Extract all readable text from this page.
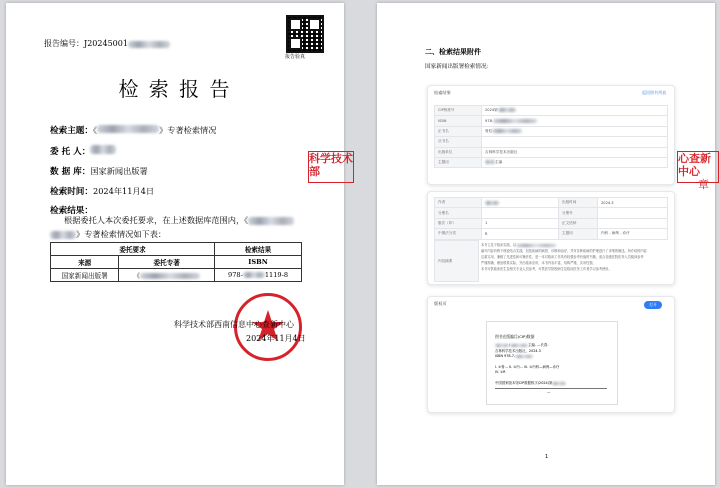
报告编号：J20245001
报告验真
检 索 报 告
检索主题：《	》专著检索情况
委 托 人：
数 据 库：国家新闻出版署
检索时间：2024年11月4日
检索结果：
根据委托人本次委托要求，在上述数据库范围内，《
》专著检索情况如下表：
委托要求		检索结果
来源	委托专著	ISBN
国家新闻出版署	《	978- 1119-8
科学技术部西南信息中心查新中心
2024年11月4日
科学技术部
二、检索结果附件
国家新闻出版署检索情况：
检索结果	返回图书列表
CIP核准号	2024第
ISBN	978-
正书名	脊柱
丛书名	
出版单位	吉林科学技术出版社
主题词	主编
作者		出版时间	2024.3
分册名		分册号	
版次（印）	1	正文语种	
中图法分类	R	主题词	内科 - 病例 - 诊疗
内容摘要
本书立足于临床实践，以
编写内容有利于理论结合实践，包括疾病的病因、诊断和治疗，并对各种疾病的护理进行了详细的阐述。所介绍的内容
注重实用，兼顾了先进性和可操作性，是一本对临床工作具有较强参考价值的书籍，适合各级医院医务人员阅读参考
严谨准确，理论联系实际，突出临床应用，本书内容丰富，结构严谨，实用性强，
本书可供临床医生及相关专业人员参考，可供医学院校师生及临床医务工作者学习参考使用。
版权页	打开
图书在版编目(CIP)数据
主编. —长春：
吉林科学技术出版社，2024.3
ISBN 978-7-
I. ①脊… II. ①内… III. ①内科—病例—诊疗
IV. ①R
中国国家版本馆CIP数据核字(2024)第
—
1
心查新中心
章
